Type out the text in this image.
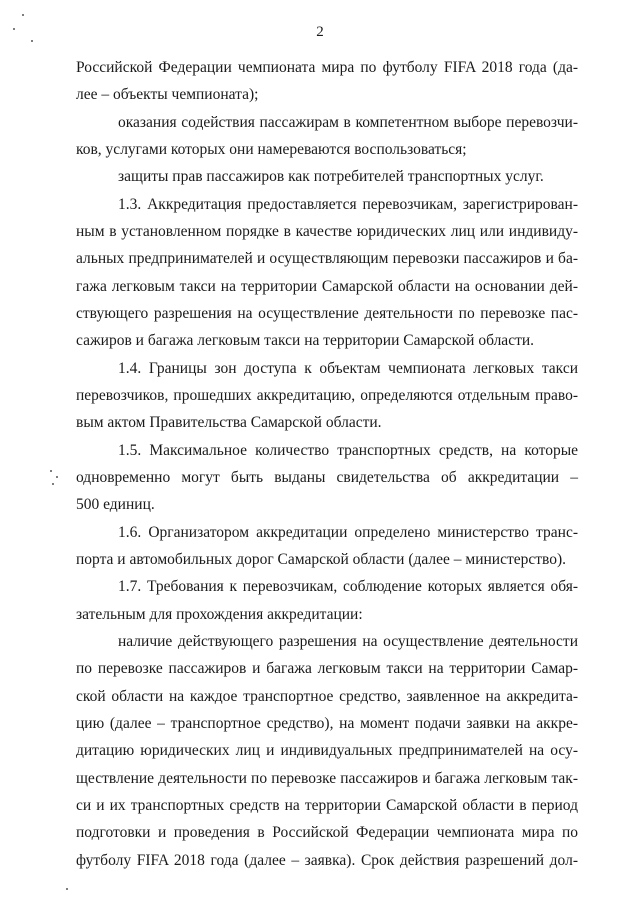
2
Российской Федерации чемпионата мира по футболу FIFA 2018 года (да-
лее – объекты чемпионата);
оказания содействия пассажирам в компетентном выборе перевозчи-
ков, услугами которых они намереваются воспользоваться;
защиты прав пассажиров как потребителей транспортных услуг.
1.3. Аккредитация предоставляется перевозчикам, зарегистрирован-
ным в установленном порядке в качестве юридических лиц или индивиду-
альных предпринимателей и осуществляющим перевозки пассажиров и ба-
гажа легковым такси на территории Самарской области на основании дей-
ствующего разрешения на осуществление деятельности по перевозке пас-
сажиров и багажа легковым такси на территории Самарской области.
1.4. Границы зон доступа к объектам чемпионата легковых такси
перевозчиков, прошедших аккредитацию, определяются отдельным право-
вым актом Правительства Самарской области.
1.5. Максимальное количество транспортных средств, на которые
одновременно могут быть выданы свидетельства об аккредитации –
500 единиц.
1.6. Организатором аккредитации определено министерство транс-
порта и автомобильных дорог Самарской области (далее – министерство).
1.7. Требования к перевозчикам, соблюдение которых является обя-
зательным для прохождения аккредитации:
наличие действующего разрешения на осуществление деятельности
по перевозке пассажиров и багажа легковым такси на территории Самар-
ской области на каждое транспортное средство, заявленное на аккредита-
цию (далее – транспортное средство), на момент подачи заявки на аккре-
дитацию юридических лиц и индивидуальных предпринимателей на осу-
ществление деятельности по перевозке пассажиров и багажа легковым так-
си и их транспортных средств на территории Самарской области в период
подготовки и проведения в Российской Федерации чемпионата мира по
футболу FIFA 2018 года (далее – заявка). Срок действия разрешений дол-
